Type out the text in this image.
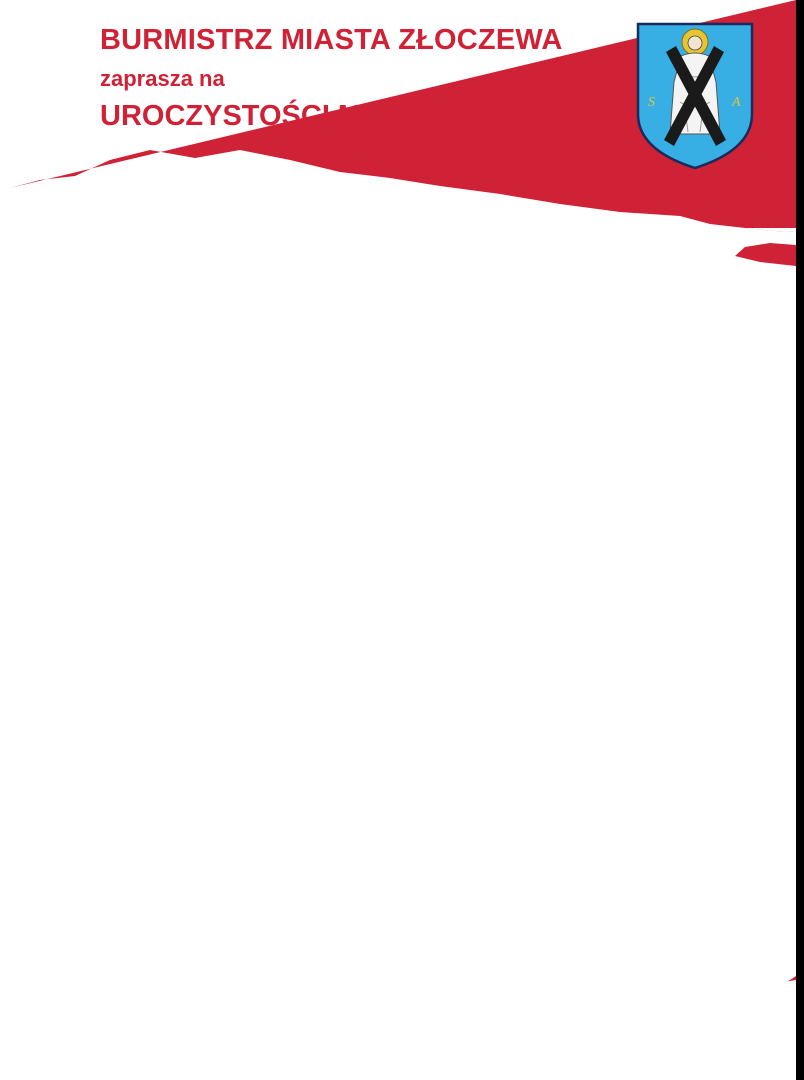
BURMISTRZ MIASTA ZŁOCZEWA
zaprasza na
UROCZYSTOŚCI MAJOWE	S	A
2 maja – Dzień Flagi Rzeczypospolitej Polskiej
Prosimy mieszkańców Złoczewa o wywieszenie flag
Pokażmy, że jesteśmy Polakami!
3 maja – Święto Konstytucji 3 Maja
9:30 Zbiórka pod OSP w Złoczewie
10:00 Uroczysta Msza Święta w Kościele pw. św. Andrzeja Apostoła
11:15 Przemarsz pod Obelisk
- złożenie kwiatów i zapalenie zniczy w Parku Pamięci
11:30 Przemarsz pod Urząd Miejski
12:00 Rozpoczęcie uroczystości Gminnego Dnia Strażaka
14:00 Koncert Kapeli Złoczewianie
15:00 Koncert Krzysztofa Respondka
„Bogu na chwałę, ludziom na ratunek...”
